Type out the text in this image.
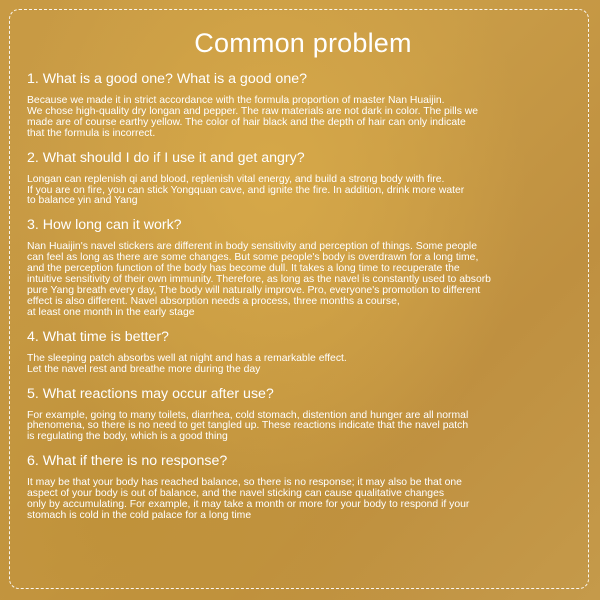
Common problem
1. What is a good one? What is a good one?
Because we made it in strict accordance with the formula proportion of master Nan Huaijin.
We chose high-quality dry longan and pepper. The raw materials are not dark in color. The pills we
made are of course earthy yellow. The color of hair black and the depth of hair can only indicate
that the formula is incorrect.
2. What should I do if I use it and get angry?
Longan can replenish qi and blood, replenish vital energy, and build a strong body with fire.
If you are on fire, you can stick Yongquan cave, and ignite the fire. In addition, drink more water
to balance yin and Yang
3. How long can it work?
Nan Huaijin's navel stickers are different in body sensitivity and perception of things. Some people
can feel as long as there are some changes. But some people's body is overdrawn for a long time,
and the perception function of the body has become dull. It takes a long time to recuperate the
intuitive sensitivity of their own immunity. Therefore, as long as the navel is constantly used to absorb
pure Yang breath every day, The body will naturally improve. Pro, everyone's promotion to different
effect is also different. Navel absorption needs a process, three months a course,
at least one month in the early stage
4. What time is better?
The sleeping patch absorbs well at night and has a remarkable effect.
Let the navel rest and breathe more during the day
5. What reactions may occur after use?
For example, going to many toilets, diarrhea, cold stomach, distention and hunger are all normal
phenomena, so there is no need to get tangled up. These reactions indicate that the navel patch
is regulating the body, which is a good thing
6. What if there is no response?
It may be that your body has reached balance, so there is no response; it may also be that one
aspect of your body is out of balance, and the navel sticking can cause qualitative changes
only by accumulating. For example, it may take a month or more for your body to respond if your
stomach is cold in the cold palace for a long time
